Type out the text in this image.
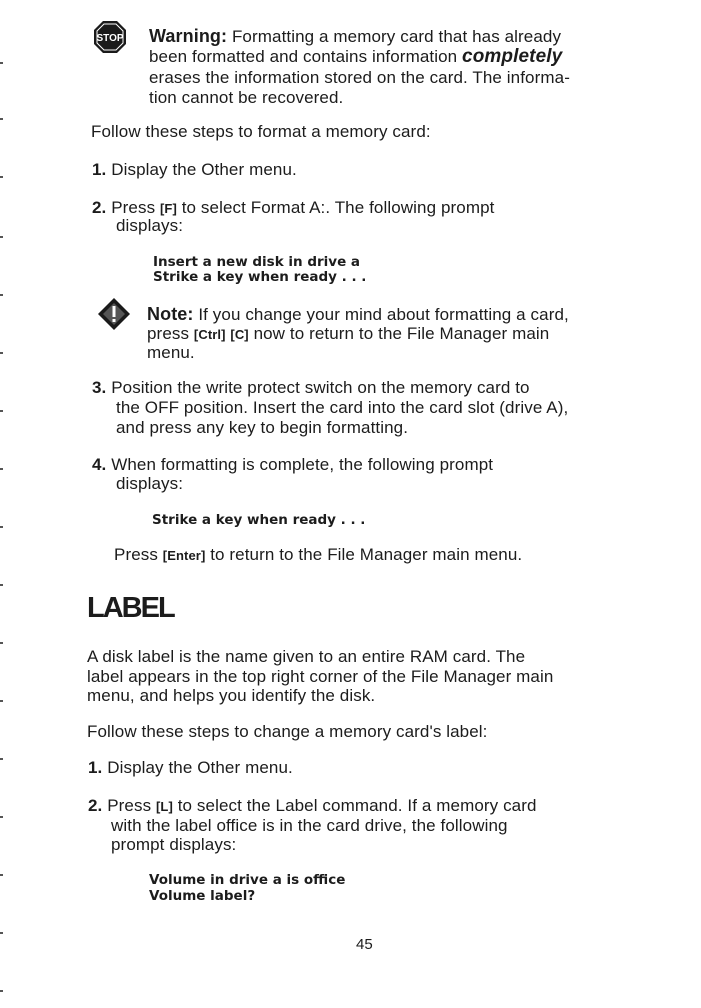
STOP Warning: Formatting a memory card that has already
been formatted and contains information completely
erases the information stored on the card. The informa-
tion cannot be recovered.
Follow these steps to format a memory card:
1. Display the Other menu.
2. Press [F] to select Format A:. The following prompt
displays:
Insert a new disk in drive a
Strike a key when ready . . .
Note: If you change your mind about formatting a card,
press [Ctrl] [C] now to return to the File Manager main
menu.
3. Position the write protect switch on the memory card to
the OFF position. Insert the card into the card slot (drive A),
and press any key to begin formatting.
4. When formatting is complete, the following prompt
displays:
Strike a key when ready . . .
Press [Enter] to return to the File Manager main menu.
LABEL
A disk label is the name given to an entire RAM card. The
label appears in the top right corner of the File Manager main
menu, and helps you identify the disk.
Follow these steps to change a memory card's label:
1. Display the Other menu.
2. Press [L] to select the Label command. If a memory card
with the label office is in the card drive, the following
prompt displays:
Volume in drive a is office
Volume label?
45
